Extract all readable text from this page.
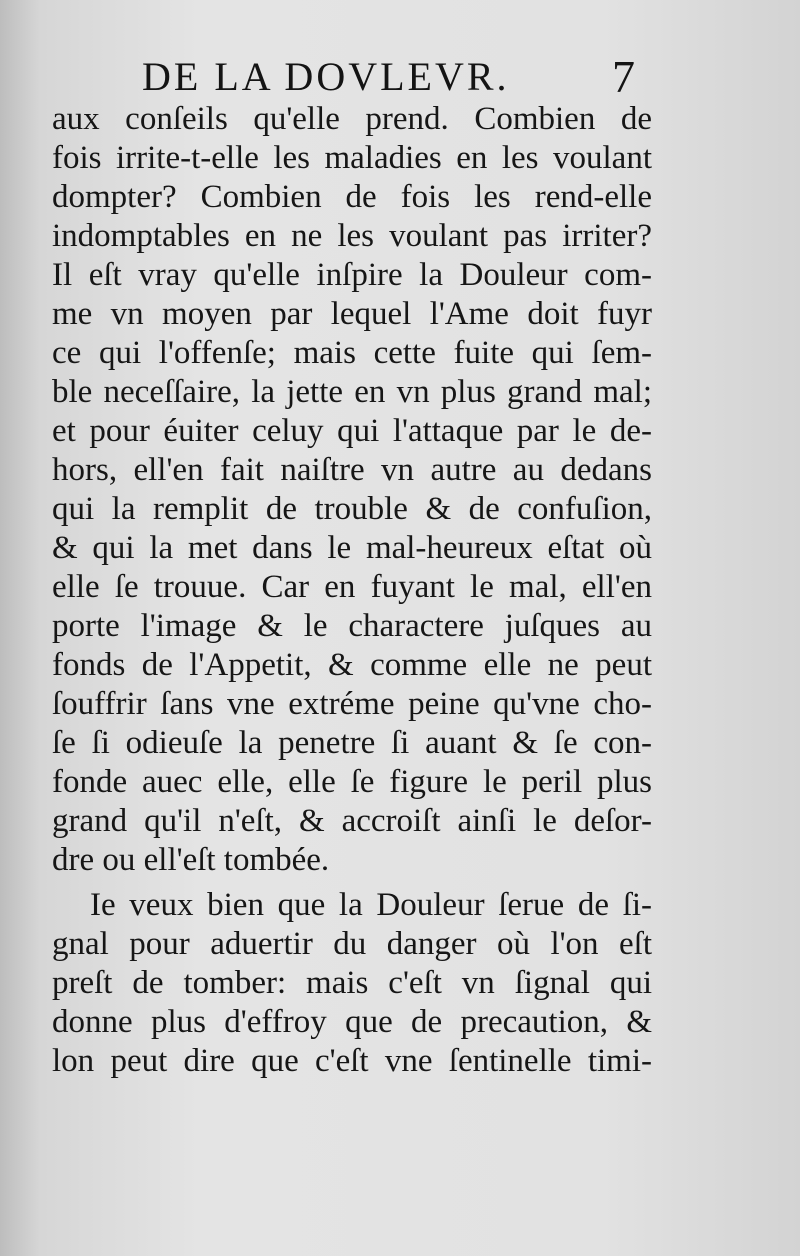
DE LA DOVLEVR. 7
aux conſeils qu'elle prend. Combien de
fois irrite-t-elle les maladies en les voulant
dompter? Combien de fois les rend-elle
indomptables en ne les voulant pas irriter?
Il eſt vray qu'elle inſpire la Douleur com-
me vn moyen par lequel l'Ame doit fuyr
ce qui l'offenſe; mais cette fuite qui ſem-
ble neceſſaire, la jette en vn plus grand mal;
et pour éuiter celuy qui l'attaque par le de-
hors, ell'en fait naiſtre vn autre au dedans
qui la remplit de trouble & de confuſion,
& qui la met dans le mal-heureux eſtat où
elle ſe trouue. Car en fuyant le mal, ell'en
porte l'image & le charactere juſques au
fonds de l'Appetit, & comme elle ne peut
ſouffrir ſans vne extréme peine qu'vne cho-
ſe ſi odieuſe la penetre ſi auant & ſe con-
fonde auec elle, elle ſe figure le peril plus
grand qu'il n'eſt, & accroiſt ainſi le deſor-
dre ou ell'eſt tombée.
Ie veux bien que la Douleur ſerue de ſi-
gnal pour aduertir du danger où l'on eſt
preſt de tomber: mais c'eſt vn ſignal qui
donne plus d'effroy que de precaution, &
lon peut dire que c'eſt vne ſentinelle timi-
